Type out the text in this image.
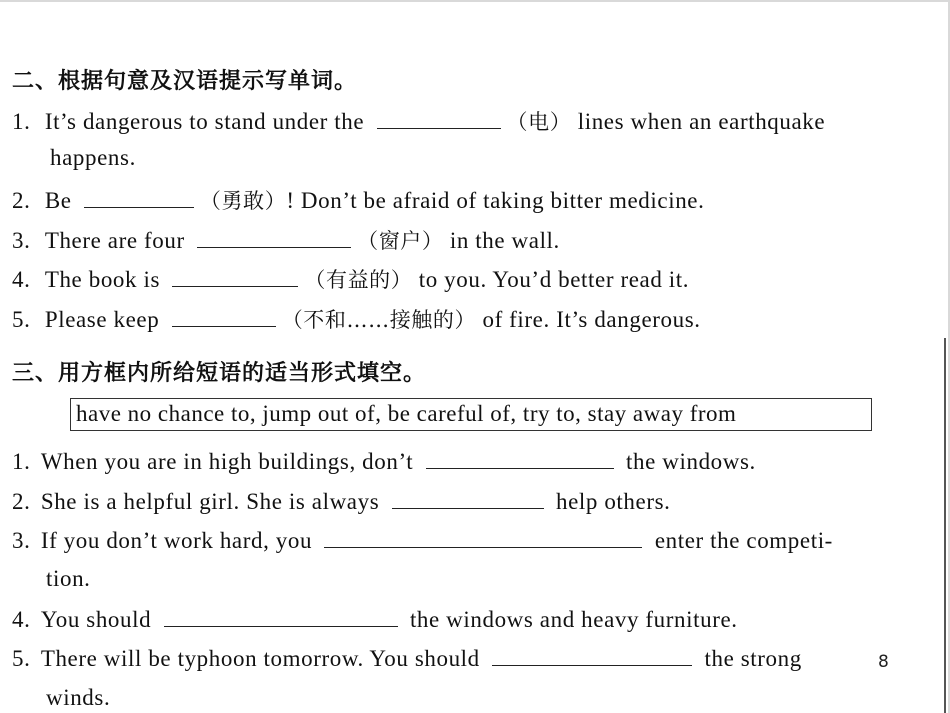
二、根据句意及汉语提示写单词。
1. It’s dangerous to stand under the	（电） lines when an earthquake
happens.
2. Be	（勇敢）! Don’t be afraid of taking bitter medicine.
3. There are four	（窗户） in the wall.
4. The book is	（有益的） to you. You’d better read it.
5. Please keep	（不和……接触的） of fire. It’s dangerous.
三、用方框内所给短语的适当形式填空。
have no chance to, jump out of, be careful of, try to, stay away from
1. When you are in high buildings, don’t	the windows.
2. She is a helpful girl. She is always	help others.
3. If you don’t work hard, you	enter the competi-
tion.
4. You should	the windows and heavy furniture.
5. There will be typhoon tomorrow. You should	the strong
winds.
8
